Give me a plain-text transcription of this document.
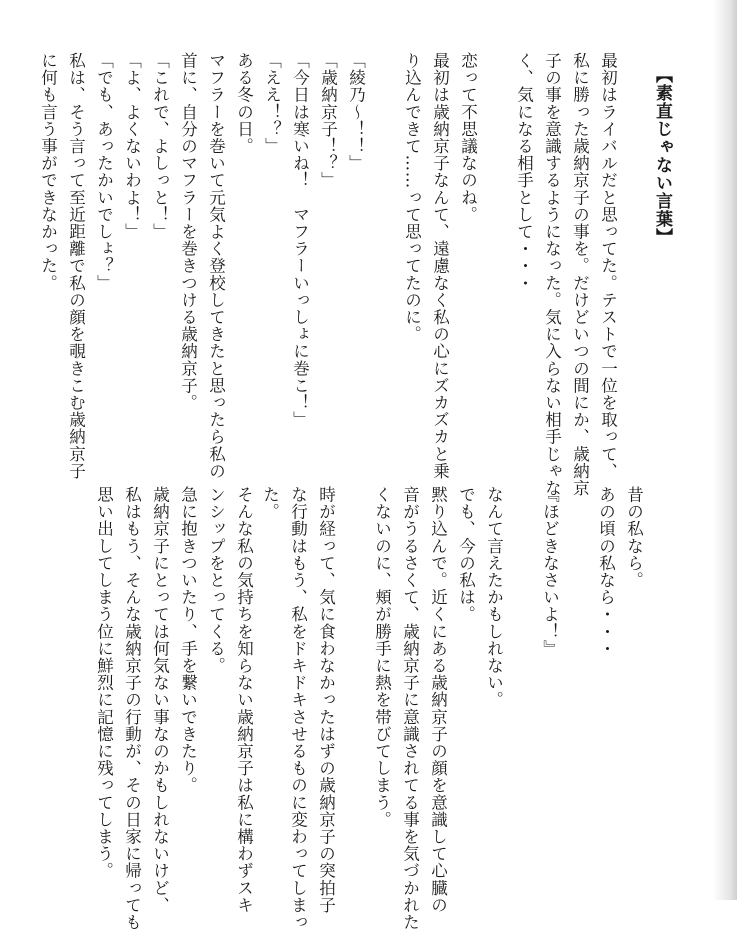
【素直じゃない言葉】
最初はライバルだと思ってた。テストで一位を取って、
私に勝った歳納京子の事を。だけどいつの間にか、歳納京
子の事を意識するようになった。気に入らない相手じゃな
く、気になる相手として・・・
恋って不思議なのね。
最初は歳納京子なんて、遠慮なく私の心にズカズカと乗
り込んできて……って思ってたのに。
「綾乃～！！」
「歳納京子！？」
「今日は寒いね！　マフラーいっしょに巻こ！」
「ええ！？」
ある冬の日。
マフラーを巻いて元気よく登校してきたと思ったら私の
首に、自分のマフラーを巻きつける歳納京子。
「これで、よしっと！」
「よ、よくないわよ！」
「でも、あったかいでしょ？」
私は、そう言って至近距離で私の顔を覗きこむ歳納京子
に何も言う事ができなかった。
昔の私なら。
あの頃の私なら・・・
『ほどきなさいよ！』
なんて言えたかもしれない。
でも、今の私は。
黙り込んで。近くにある歳納京子の顔を意識して心臓の
音がうるさくて、歳納京子に意識されてる事を気づかれた
くないのに、頬が勝手に熱を帯びてしまう。
時が経って、気に食わなかったはずの歳納京子の突拍子
な行動はもう、私をドキドキさせるものに変わってしまっ
た。
そんな私の気持ちを知らない歳納京子は私に構わずスキ
ンシップをとってくる。
急に抱きついたり、手を繋いできたり。
歳納京子にとっては何気ない事なのかもしれないけど、
私はもう、そんな歳納京子の行動が、その日家に帰っても
思い出してしまう位に鮮烈に記憶に残ってしまう。
